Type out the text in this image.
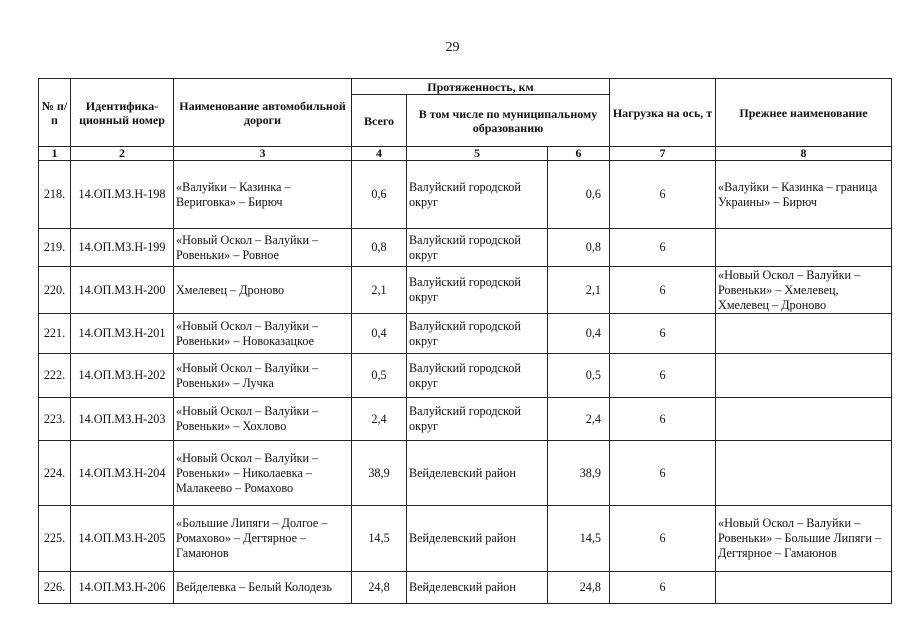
29
№ п/п	Идентифика-ционный номер	Наименование автомобильной дороги	Протяженность, км			Нагрузка на ось, т	Прежнее наименование
			Всего	В том числе по муниципальному образованию			
1	2	3	4	5	6	7	8
218.	14.ОП.МЗ.Н-198	«Валуйки – Казинка – Вериговка» – Бирюч	0,6	Валуйский городской округ	0,6	6	«Валуйки – Казинка – граница Украины» – Бирюч
219.	14.ОП.МЗ.Н-199	«Новый Оскол – Валуйки – Ровеньки» – Ровное	0,8	Валуйский городской округ	0,8	6	
220.	14.ОП.МЗ.Н-200	Хмелевец – Дроново	2,1	Валуйский городской округ	2,1	6	«Новый Оскол – Валуйки – Ровеньки» – Хмелевец, Хмелевец – Дроново
221.	14.ОП.МЗ.Н-201	«Новый Оскол – Валуйки – Ровеньки» – Новоказацкое	0,4	Валуйский городской округ	0,4	6	
222.	14.ОП.МЗ.Н-202	«Новый Оскол – Валуйки – Ровеньки» – Лучка	0,5	Валуйский городской округ	0,5	6	
223.	14.ОП.МЗ.Н-203	«Новый Оскол – Валуйки – Ровеньки» – Хохлово	2,4	Валуйский городской округ	2,4	6	
224.	14.ОП.МЗ.Н-204	«Новый Оскол – Валуйки – Ровеньки» – Николаевка – Малакеево – Ромахово	38,9	Вейделевский район	38,9	6	
225.	14.ОП.МЗ.Н-205	«Большие Липяги – Долгое – Ромахово» – Дегтярное – Гамаюнов	14,5	Вейделевский район	14,5	6	«Новый Оскол – Валуйки – Ровеньки» – Большие Липяги – Дегтярное – Гамаюнов
226.	14.ОП.МЗ.Н-206	Вейделевка – Белый Колодезь	24,8	Вейделевский район	24,8	6	
